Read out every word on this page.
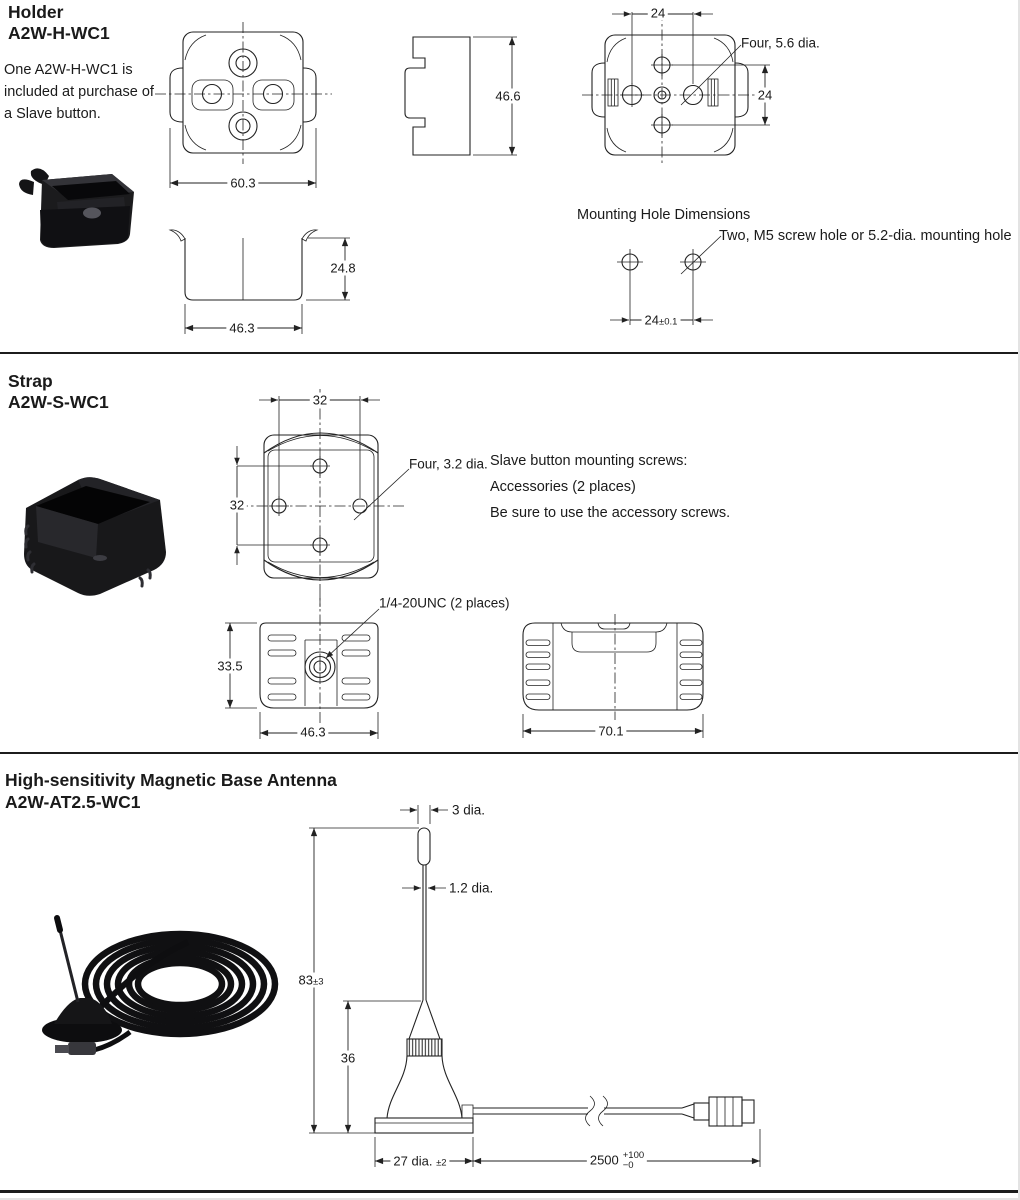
Holder
A2W-H-WC1
One A2W-H-WC1 is
included at purchase of
a Slave button.
60.3
46.6
24
24
Four, 5.6 dia.
Mounting Hole Dimensions
Two, M5 screw hole or 5.2-dia. mounting hole
24±0.1
24.8
46.3
Strap
A2W-S-WC1	32
32
Four, 3.2 dia. Slave button mounting screws:
Accessories (2 places)
Be sure to use the accessory screws.
1/4-20UNC (2 places)
33.5
46.3	70.1
High-sensitivity Magnetic Base Antenna
A2W-AT2.5-WC1	3 dia.
1.2 dia.
83±3
36
27 dia. ±2	2500 +100
−0
